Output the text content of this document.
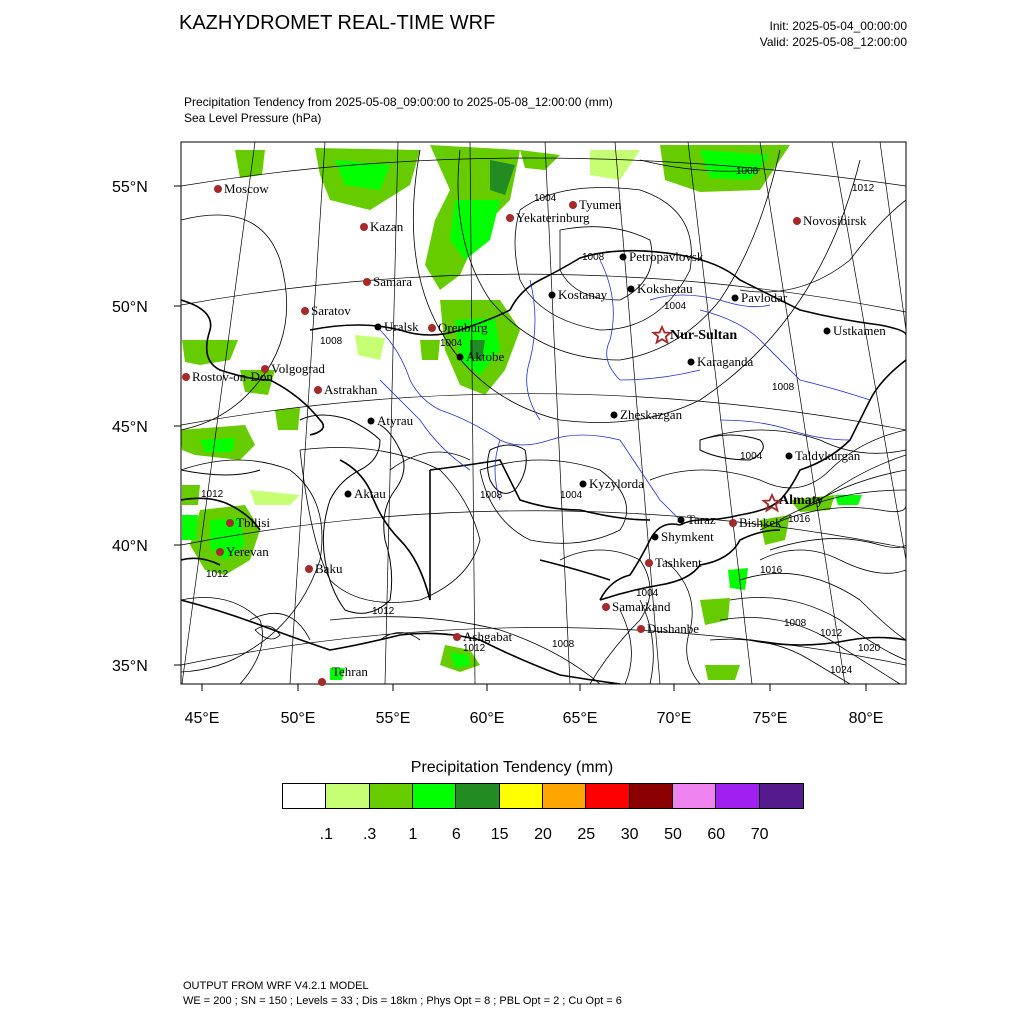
KAZHYDROMET REAL-TIME WRF	Init: 2025-05-04_00:00:00
Valid: 2025-05-08_12:00:00
Precipitation Tendency from 2025-05-08_09:00:00 to 2025-05-08_12:00:00 (mm)
Sea Level Pressure (hPa)
55°N
50°N
45°N
40°N
35°N
45°E	50°E	55°E	60°E	65°E	70°E	75°E	80°E
1004
1008
1012
1008
1004
1004
1008
1008
1004
1012	1008	1004
1012
1012
1008
1012
1016
1016
1008
1012
1020
1024
1004
Moscow
Kazan
Samara
Saratov
Orenburg
Volgograd
Rostov-on-Don
Astrakhan
Yekaterinburg
Tyumen
Novosibirsk
Tbilisi
Yerevan
Baku
Ashgabat
Tehran
Tashkent
Samarkand
Dushanbe
Bishkek
Petropavlovsk
Kostanay Kokshetau
Pavlodar
Uralsk
Aktobe	Karaganda
Ustkamen
Zheskazgan
Atyrau
Taldykurgan
Aktau
Kyzylorda
Taraz
Shymkent
Nur-Sultan
Almaty
Precipitation Tendency (mm)
.1 .3 1 6 15 20 25 30 50 60 70
OUTPUT FROM WRF V4.2.1 MODEL
WE = 200 ; SN = 150 ; Levels = 33 ; Dis = 18km ; Phys Opt = 8 ; PBL Opt = 2 ; Cu Opt = 6
